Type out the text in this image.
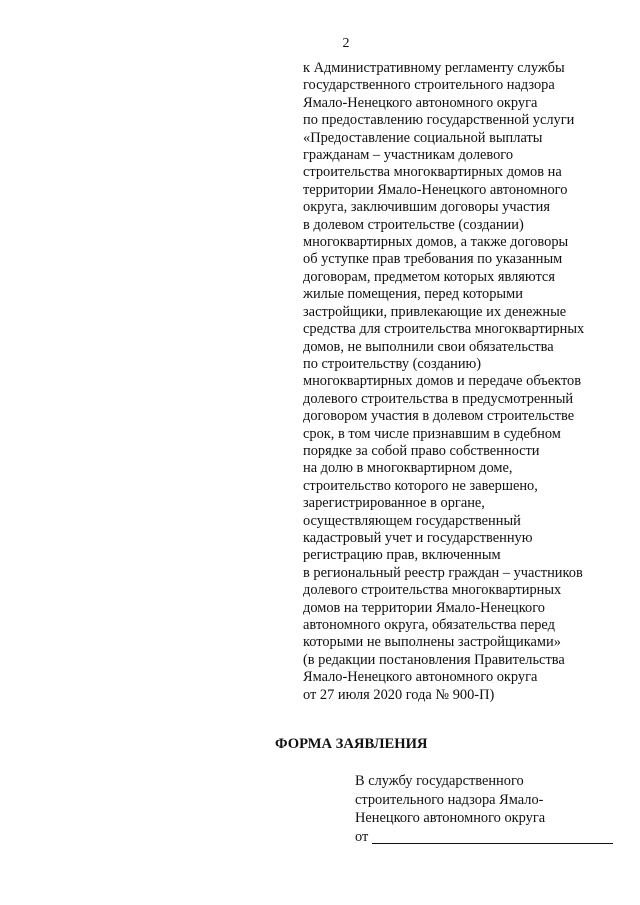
2
к Административному регламенту службы
государственного строительного надзора
Ямало-Ненецкого автономного округа
по предоставлению государственной услуги
«Предоставление социальной выплаты
гражданам – участникам долевого
строительства многоквартирных домов на
территории Ямало-Ненецкого автономного
округа, заключившим договоры участия
в долевом строительстве (создании)
многоквартирных домов, а также договоры
об уступке прав требования по указанным
договорам, предметом которых являются
жилые помещения, перед которыми
застройщики, привлекающие их денежные
средства для строительства многоквартирных
домов, не выполнили свои обязательства
по строительству (созданию)
многоквартирных домов и передаче объектов
долевого строительства в предусмотренный
договором участия в долевом строительстве
срок, в том числе признавшим в судебном
порядке за собой право собственности
на долю в многоквартирном доме,
строительство которого не завершено,
зарегистрированное в органе,
осуществляющем государственный
кадастровый учет и государственную
регистрацию прав, включенным
в региональный реестр граждан – участников
долевого строительства многоквартирных
домов на территории Ямало-Ненецкого
автономного округа, обязательства перед
которыми не выполнены застройщиками»
(в редакции постановления Правительства
Ямало-Ненецкого автономного округа
от 27 июля 2020 года № 900-П)
ФОРМА ЗАЯВЛЕНИЯ
В службу государственного
строительного надзора Ямало-
Ненецкого автономного округа
от
